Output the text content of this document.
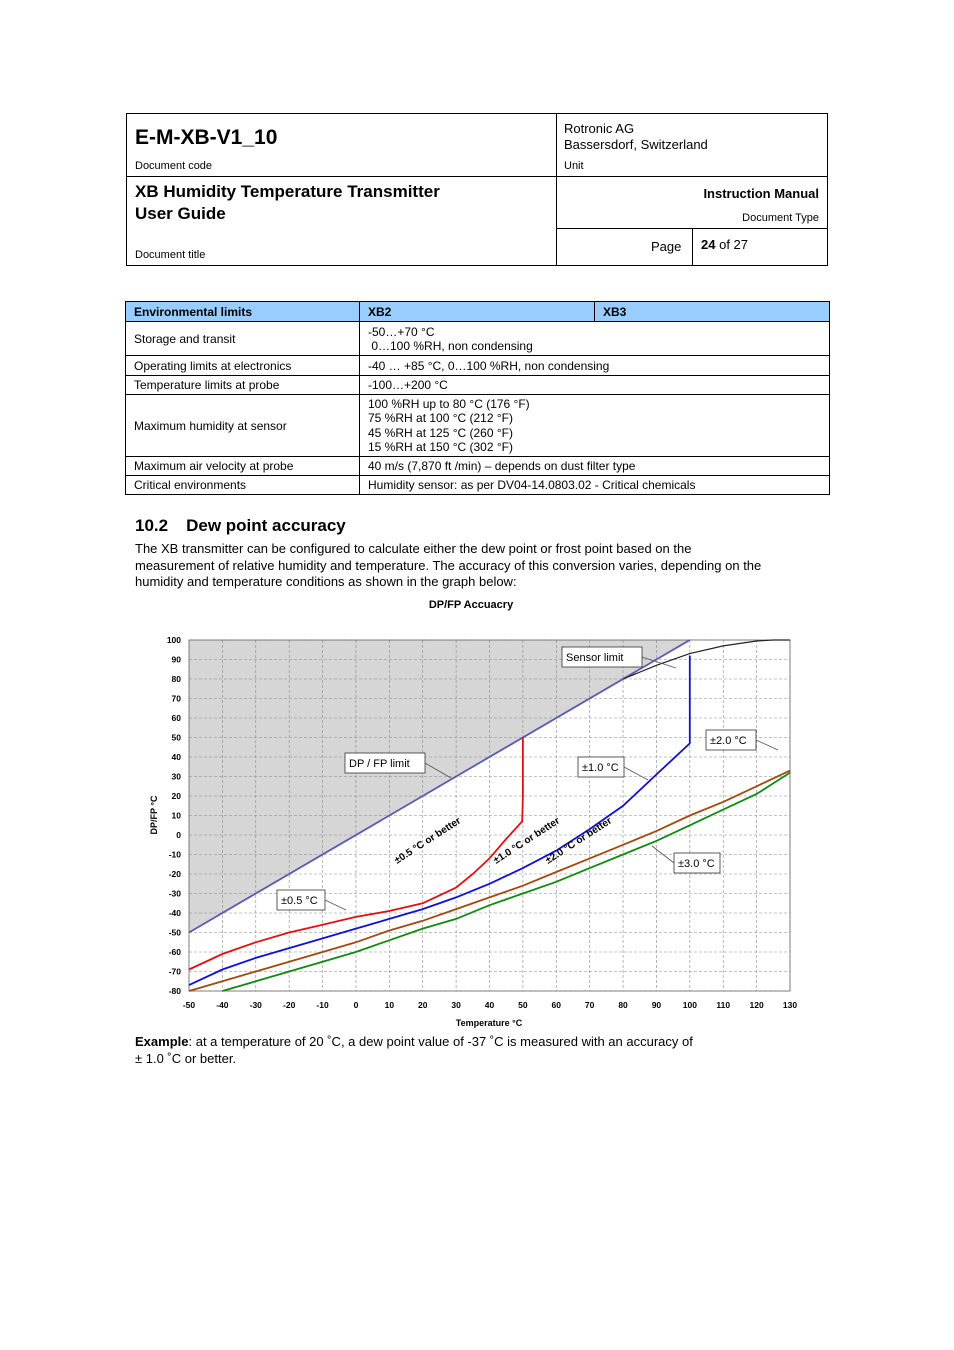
E-M-XB-V1_10
Document code
Rotronic AG
Bassersdorf, Switzerland
Unit
XB Humidity Temperature Transmitter
User Guide
Document title
Instruction Manual
Document Type
Page 24 of 27
Environmental limits	XB2	XB3
Storage and transit	-50…+70 °C
0…100 %RH, non condensing	

Operating limits at electronics	-40 … +85 °C, 0…100 %RH, non condensing	
Temperature limits at probe	-100…+200 °C	
Maximum humidity at sensor	100 %RH up to 80 °C (176 °F)
75 %RH at 100 °C (212 °F)
45 %RH at 125 °C (260 °F)
15 %RH at 150 °C (302 °F)	

Maximum air velocity at probe	40 m/s (7,870 ft /min) – depends on dust filter type	
Critical environments	Humidity sensor: as per DV04-14.0803.02 - Critical chemicals	
10.2 Dew point accuracy
The XB transmitter can be configured to calculate either the dew point or frost point based on the
measurement of relative humidity and temperature. The accuracy of this conversion varies, depending on the
humidity and temperature conditions as shown in the graph below:
DP/FP Accuacry
-50 -40 -30 -20 -10	0	10	20	30	40	50	60	70	80	90	100 110 120 130
100
90
80
70
60
50
40
30
20
10
0
-10
-20
-30
-40
-50
-60
-70
-80
Sensor limit
DP / FP limit
±2.0 °C
±1.0 °C
±0.5 °C
±3.0 °C
±0.5 °C or better	±1.0 °C or better
±2.0 °C or better
Temperature °C
DP/FP °C
Example: at a temperature of 20 ˚C, a dew point value of -37 ˚C is measured with an accuracy of
± 1.0 ˚C or better.
